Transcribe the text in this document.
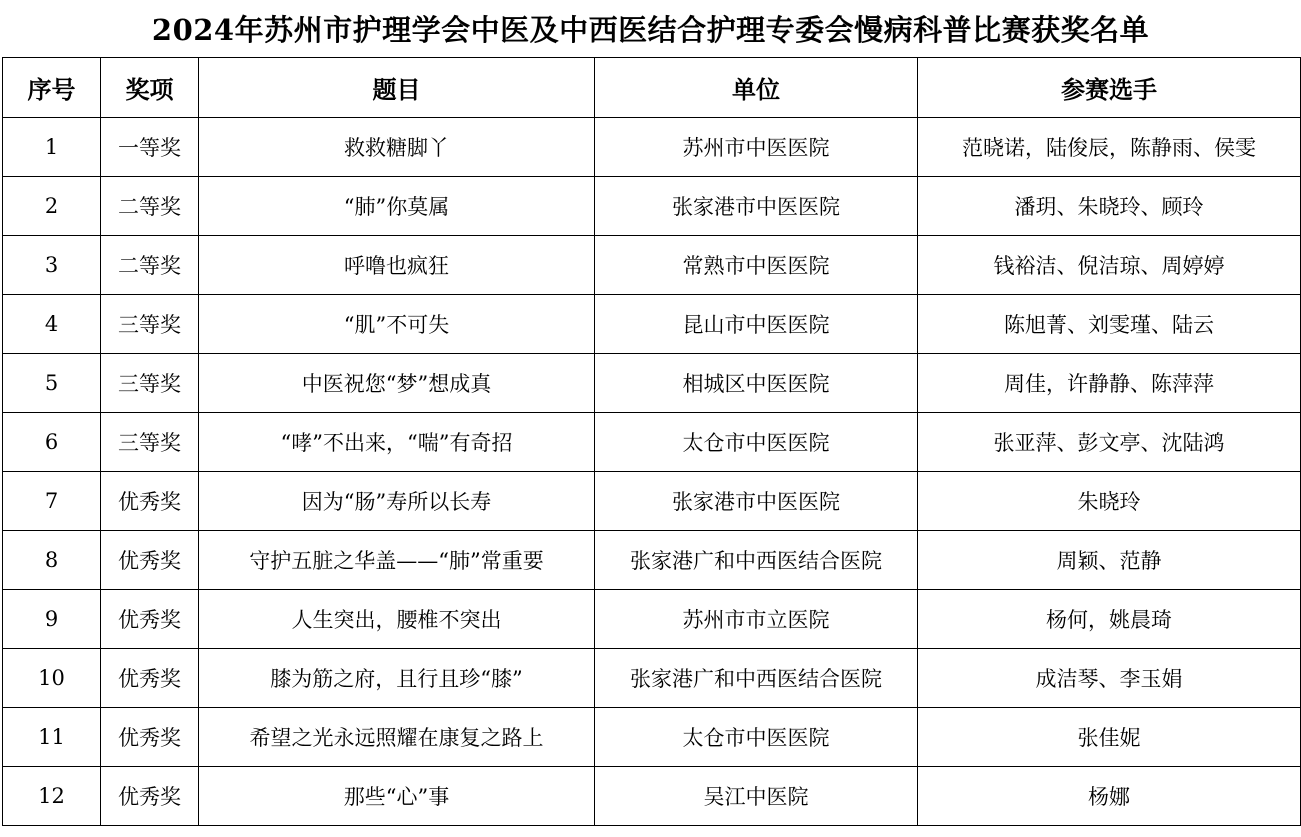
2024年苏州市护理学会中医及中西医结合护理专委会慢病科普比赛获奖名单
序号	奖项	题目	单位	参赛选手
1	一等奖	救救糖脚丫	苏州市中医医院	范晓诺，陆俊辰，陈静雨、侯雯
2	二等奖	“肺”你莫属	张家港市中医医院	潘玥、朱晓玲、顾玲
3	二等奖	呼噜也疯狂	常熟市中医医院	钱裕洁、倪洁琼、周婷婷
4	三等奖	“肌”不可失	昆山市中医医院	陈旭菁、刘雯瑾、陆云
5	三等奖	中医祝您“梦”想成真	相城区中医医院	周佳，许静静、陈萍萍
6	三等奖	“哮”不出来，“喘”有奇招	太仓市中医医院	张亚萍、彭文亭、沈陆鸿
7	优秀奖	因为“肠”寿所以长寿	张家港市中医医院	朱晓玲
8	优秀奖	守护五脏之华盖——“肺”常重要	张家港广和中西医结合医院	周颖、范静
9	优秀奖	人生突出，腰椎不突出	苏州市市立医院	杨何，姚晨琦
10	优秀奖	膝为筋之府，且行且珍“膝”	张家港广和中西医结合医院	成洁琴、李玉娟
11	优秀奖	希望之光永远照耀在康复之路上	太仓市中医医院	张佳妮
12	优秀奖	那些“心”事	吴江中医院	杨娜
